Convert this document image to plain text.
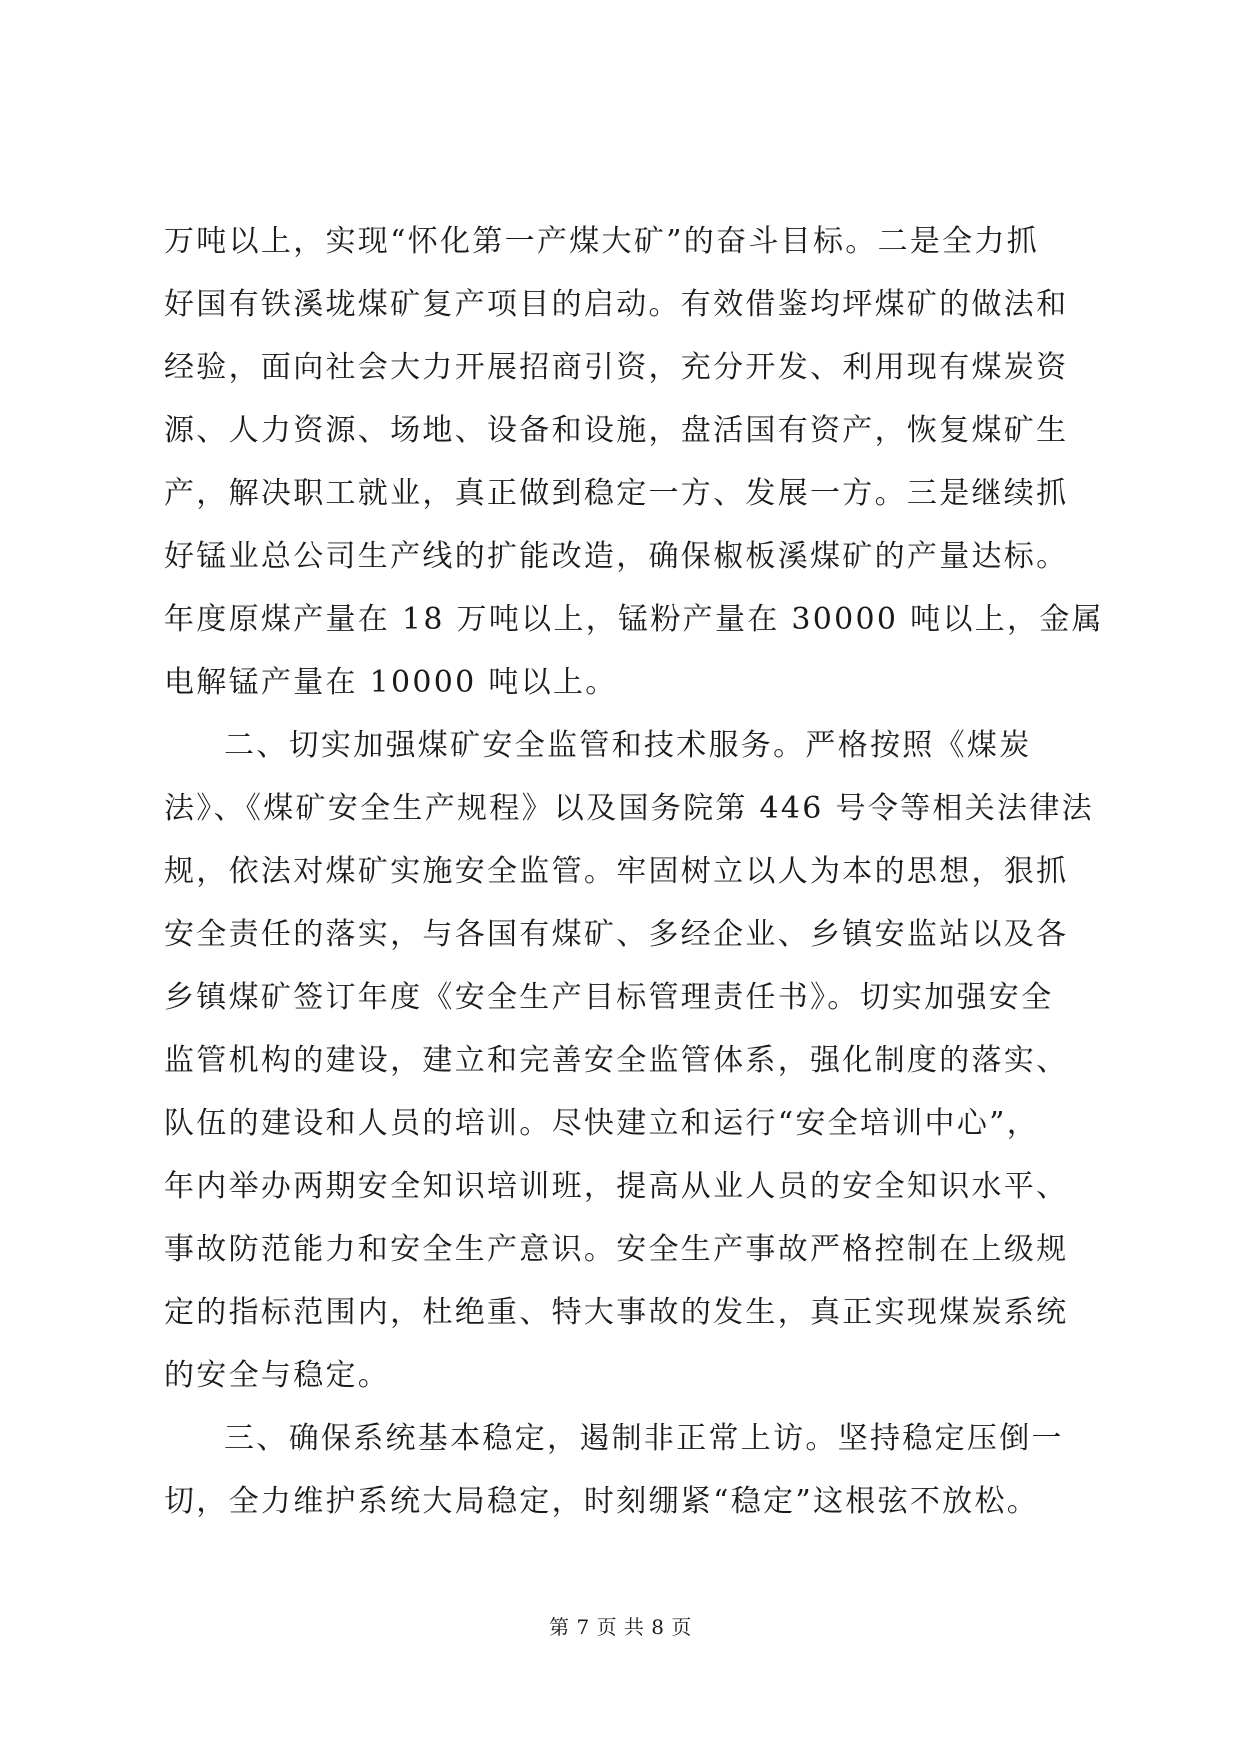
万吨以上，实现“怀化第一产煤大矿”的奋斗目标。二是全力抓
好国有铁溪垅煤矿复产项目的启动。有效借鉴均坪煤矿的做法和
经验，面向社会大力开展招商引资，充分开发、利用现有煤炭资
源、人力资源、场地、设备和设施，盘活国有资产，恢复煤矿生
产，解决职工就业，真正做到稳定一方、发展一方。三是继续抓
好锰业总公司生产线的扩能改造，确保椒板溪煤矿的产量达标。
年度原煤产量在 18 万吨以上，锰粉产量在 30000 吨以上，金属
电解锰产量在 10000 吨以上。
二、切实加强煤矿安全监管和技术服务。严格按照《煤炭
法》、《煤矿安全生产规程》以及国务院第 446 号令等相关法律法
规，依法对煤矿实施安全监管。牢固树立以人为本的思想，狠抓
安全责任的落实，与各国有煤矿、多经企业、乡镇安监站以及各
乡镇煤矿签订年度《安全生产目标管理责任书》。切实加强安全
监管机构的建设，建立和完善安全监管体系，强化制度的落实、
队伍的建设和人员的培训。尽快建立和运行“安全培训中心”，
年内举办两期安全知识培训班，提高从业人员的安全知识水平、
事故防范能力和安全生产意识。安全生产事故严格控制在上级规
定的指标范围内，杜绝重、特大事故的发生，真正实现煤炭系统
的安全与稳定。
三、确保系统基本稳定，遏制非正常上访。坚持稳定压倒一
切，全力维护系统大局稳定，时刻绷紧“稳定”这根弦不放松。
第 7 页 共 8 页
